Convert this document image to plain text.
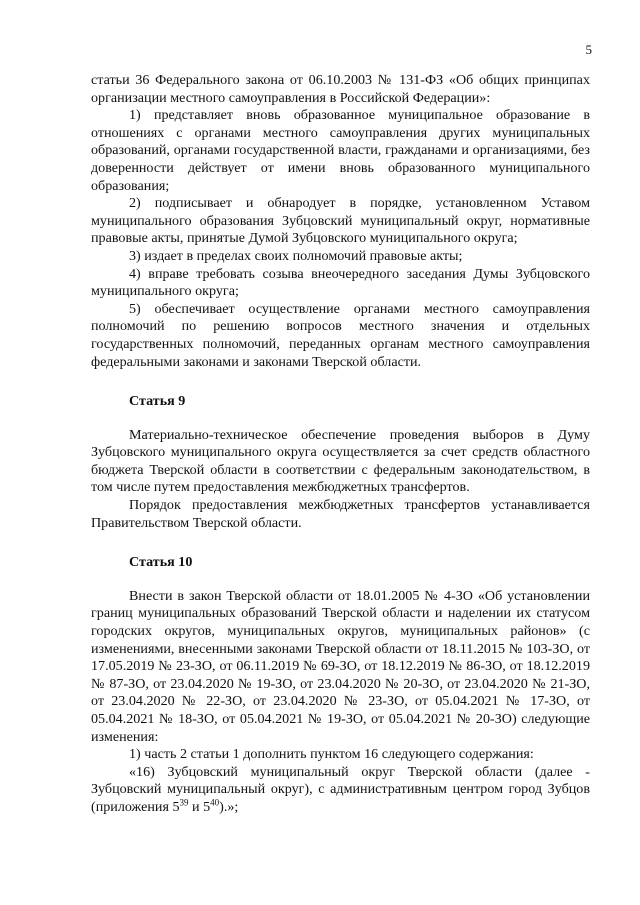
5

статьи 36 Федерального закона от 06.10.2003 № 131-ФЗ «Об общих принципах организации местного самоуправления в Российской Федерации»:

1) представляет вновь образованное муниципальное образование в отношениях с органами местного самоуправления других муниципальных образований, органами государственной власти, гражданами и организациями, без доверенности действует от имени вновь образованного муниципального образования;

2) подписывает и обнародует в порядке, установленном Уставом муниципального образования Зубцовский муниципальный округ, нормативные правовые акты, принятые Думой Зубцовского муниципального округа;

3) издает в пределах своих полномочий правовые акты;

4) вправе требовать созыва внеочередного заседания Думы Зубцовского муниципального округа;

5) обеспечивает осуществление органами местного самоуправления полномочий по решению вопросов местного значения и отдельных государственных полномочий, переданных органам местного самоуправления федеральными законами и законами Тверской области.

Статья 9

Материально-техническое обеспечение проведения выборов в Думу Зубцовского муниципального округа осуществляется за счет средств областного бюджета Тверской области в соответствии с федеральным законодательством, в том числе путем предоставления межбюджетных трансфертов.

Порядок предоставления межбюджетных трансфертов устанавливается Правительством Тверской области.

Статья 10

Внести в закон Тверской области от 18.01.2005 № 4-ЗО «Об установлении границ муниципальных образований Тверской области и наделении их статусом городских округов, муниципальных округов, муниципальных районов» (с изменениями, внесенными законами Тверской области от 18.11.2015 № 103-ЗО, от 17.05.2019 № 23-ЗО, от 06.11.2019 № 69-ЗО, от 18.12.2019 № 86-ЗО, от 18.12.2019 № 87-ЗО, от 23.04.2020 № 19-ЗО, от 23.04.2020 № 20-ЗО, от 23.04.2020 № 21-ЗО, от 23.04.2020 № 22-ЗО, от 23.04.2020 № 23-ЗО, от 05.04.2021 № 17-ЗО, от 05.04.2021 № 18-ЗО, от 05.04.2021 № 19-ЗО, от 05.04.2021 № 20-ЗО) следующие изменения:

1) часть 2 статьи 1 дополнить пунктом 16 следующего содержания:

«16) Зубцовский муниципальный округ Тверской области (далее - Зубцовский муниципальный округ), с административным центром город Зубцов (приложения $5^{39}$ и $5^{40}$).»;
